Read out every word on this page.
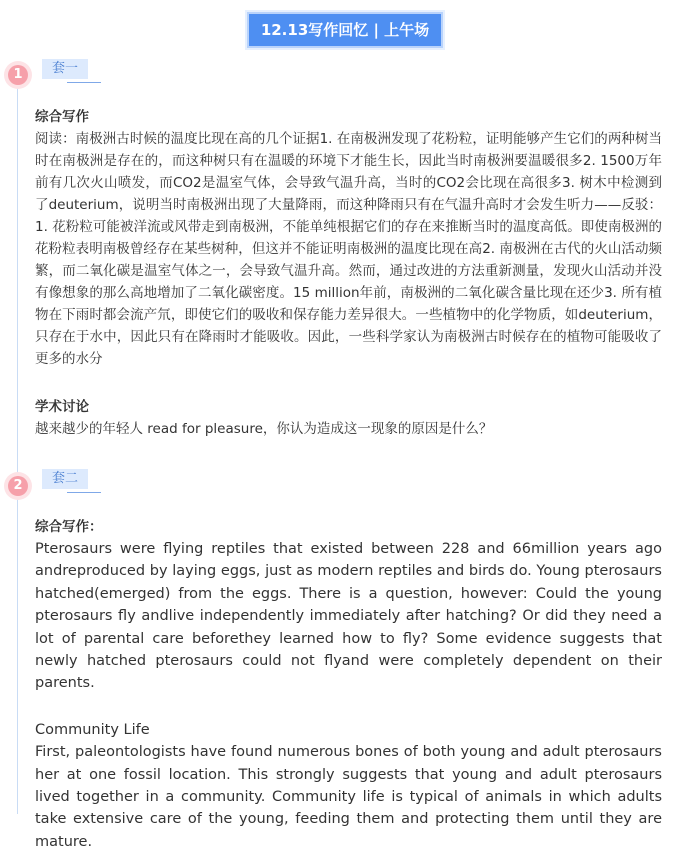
12.13写作回忆 | 上午场
1	套一
综合写作

阅读：南极洲古时候的温度比现在高的几个证据1. 在南极洲发现了花粉粒，证明能够产生它们的两种树当时在南极洲是存在的，而这种树只有在温暖的环境下才能生长，因此当时南极洲要温暖很多2. 1500万年前有几次火山喷发，而CO2是温室气体，会导致气温升高，当时的CO2会比现在高很多3. 树木中检测到了deuterium，说明当时南极洲出现了大量降雨，而这种降雨只有在气温升高时才会发生听力——反驳：1. 花粉粒可能被洋流或风带走到南极洲，不能单纯根据它们的存在来推断当时的温度高低。即使南极洲的花粉粒表明南极曾经存在某些树种，但这并不能证明南极洲的温度比现在高2. 南极洲在古代的火山活动频繁，而二氧化碳是温室气体之一，会导致气温升高。然而，通过改进的方法重新测量，发现火山活动并没有像想象的那么高地增加了二氧化碳密度。15 million年前，南极洲的二氧化碳含量比现在还少3. 所有植物在下雨时都会流产氘，即使它们的吸收和保存能力差异很大。一些植物中的化学物质，如deuterium，只存在于水中，因此只有在降雨时才能吸收。因此，一些科学家认为南极洲古时候存在的植物可能吸收了更多的水分

学术讨论

越来越少的年轻人 read for pleasure，你认为造成这一现象的原因是什么？

2	套二
综合写作：

Pterosaurs were flying reptiles that existed between 228 and 66million years ago andreproduced by laying eggs, just as modern reptiles and birds do. Young pterosaurs hatched(emerged) from the eggs. There is a question, however: Could the young pterosaurs fly andlive independently immediately after hatching? Or did they need a lot of parental care beforethey learned how to fly? Some evidence suggests that newly hatched pterosaurs could not flyand were completely dependent on their parents.

Community Life

First, paleontologists have found numerous bones of both young and adult pterosaurs her at one fossil location. This strongly suggests that young and adult pterosaurs lived together in a community. Community life is typical of animals in which adults take extensive care of the young, feeding them and protecting them until they are mature.
